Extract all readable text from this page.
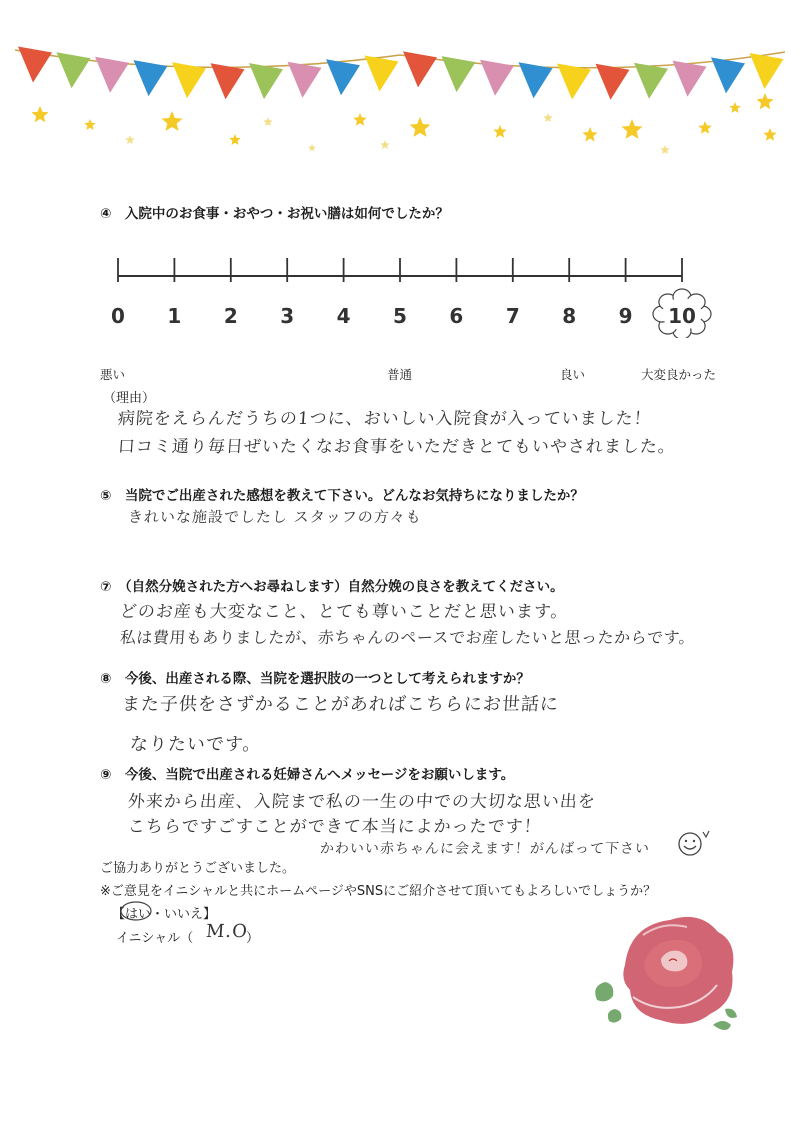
④　入院中のお食事・おやつ・お祝い膳は如何でしたか？
0	1	2	3	4	5	6	7	8	9	10
悪い	普通	良い	大変良かった
（理由）
病院をえらんだうちの1つに、おいしい入院食が入っていました！
口コミ通り毎日ぜいたくなお食事をいただきとてもいやされました。
⑤　当院でご出産された感想を教えて下さい。どんなお気持ちになりましたか？
きれいな施設でしたし スタッフの方々も
⑦　（自然分娩された方へお尋ねします）自然分娩の良さを教えてください。
どのお産も大変なこと、とても尊いことだと思います。
私は費用もありましたが、赤ちゃんのペースでお産したいと思ったからです。
⑧　今後、出産される際、当院を選択肢の一つとして考えられますか？
また子供をさずかることがあればこちらにお世話に
なりたいです。
⑨　今後、当院で出産される妊婦さんへメッセージをお願いします。
外来から出産、入院まで私の一生の中での大切な思い出を
こちらですごすことができて本当によかったです！
かわいい赤ちゃんに会えます！がんばって下さい
ご協力ありがとうございました。
※ご意見をイニシャルと共にホームページやSNSにご紹介させて頂いてもよろしいでしょうか？
【はい・いいえ】
イニシャル（ M.O
）
